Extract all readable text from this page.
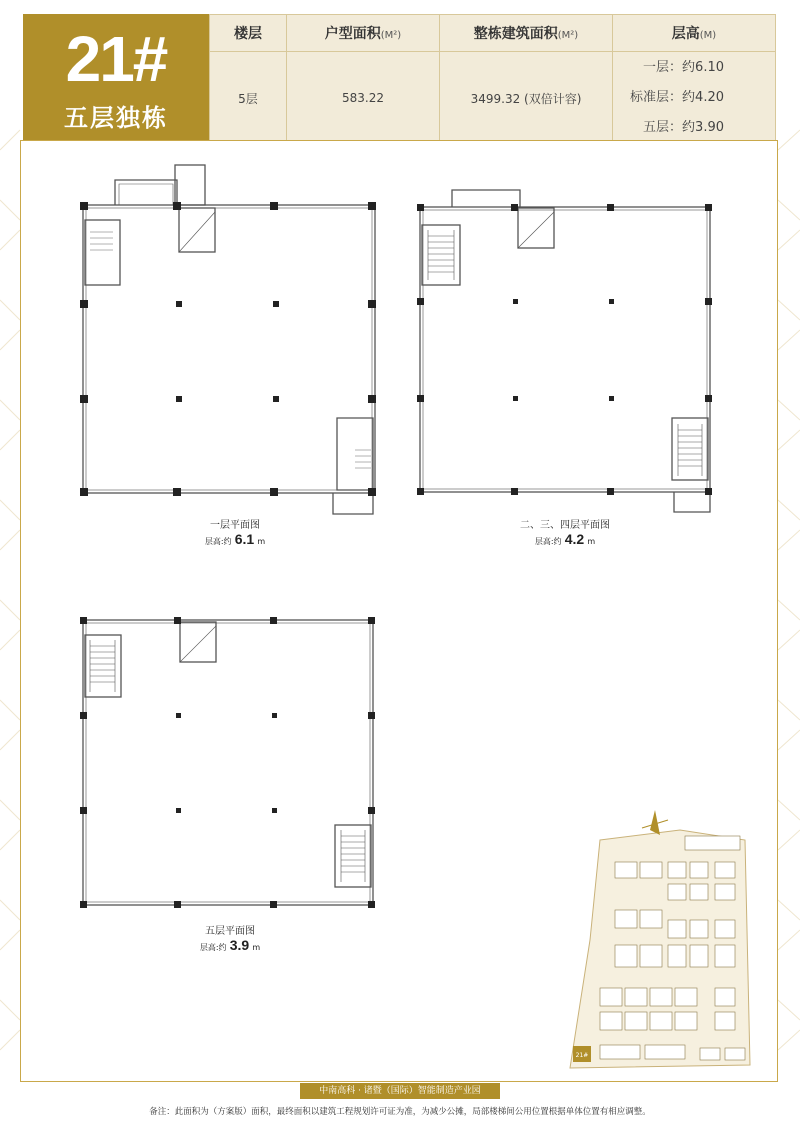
21#
五层独栋
楼层	户型面积(M²)	整栋建筑面积(M²)	层高(M)
5层	583.22	3499.32 (双倍计容)	一层：约6.10
标准层：约4.20
五层：约3.90
一层平面图
层高:约 6.1 m
二、三、四层平面图
层高:约 4.2 m
五层平面图
层高:约 3.9 m
21#
中南高科 · 诸暨（国际）智能制造产业园
备注：此面积为（方案版）面积，最终面积以建筑工程规划许可证为准，为减少公摊，局部楼梯间公用位置根据单体位置有相应调整。
